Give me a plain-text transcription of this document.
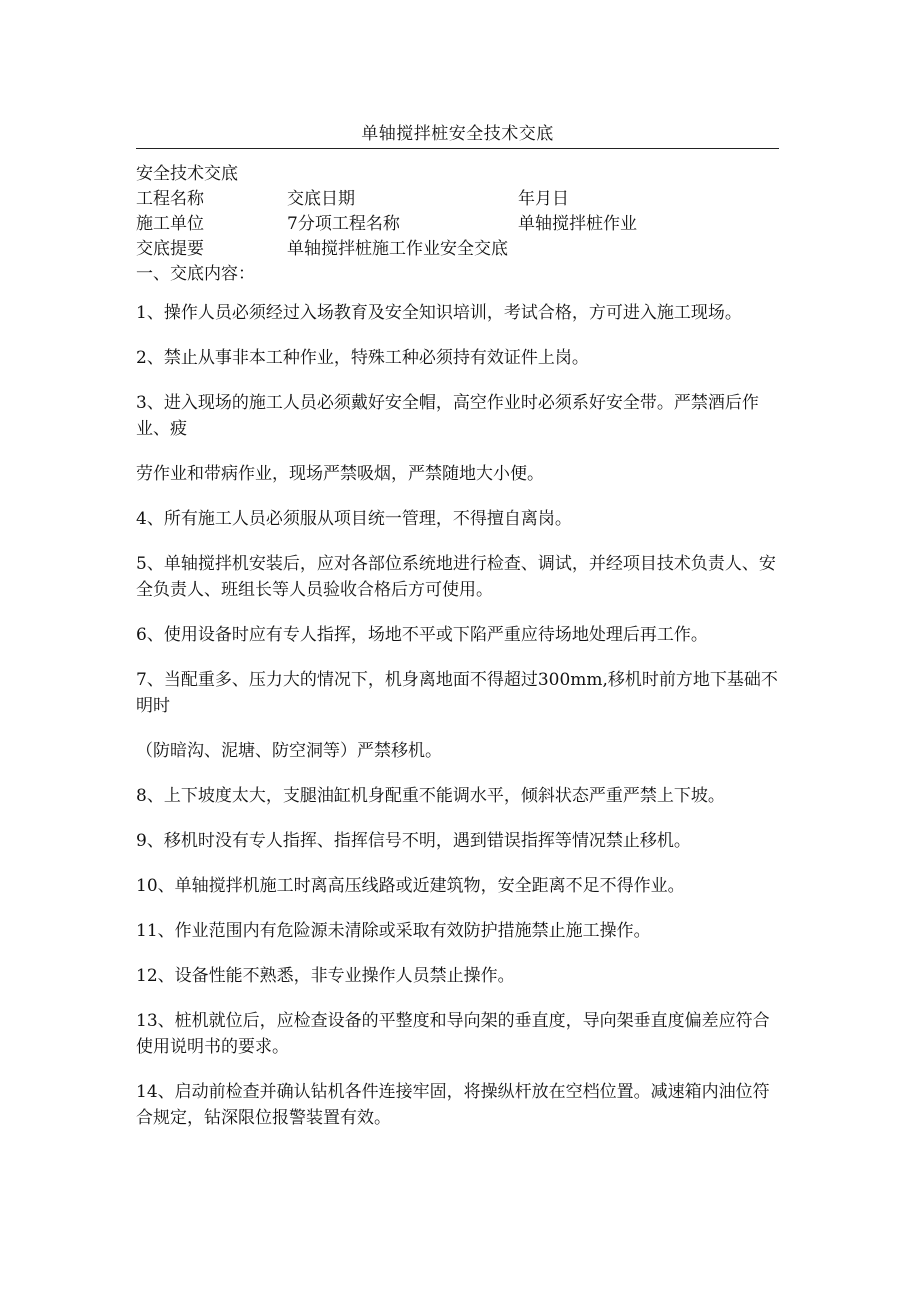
单轴搅拌桩安全技术交底
安全技术交底
工程名称	交底日期	年月日
施工单位	7分项工程名称	单轴搅拌桩作业
交底提要	单轴搅拌桩施工作业安全交底
一、交底内容：

1、操作人员必须经过入场教育及安全知识培训，考试合格，方可进入施工现场。

2、禁止从事非本工种作业，特殊工种必须持有效证件上岗。

3、进入现场的施工人员必须戴好安全帽，高空作业时必须系好安全带。严禁酒后作业、疲

劳作业和带病作业，现场严禁吸烟，严禁随地大小便。

4、所有施工人员必须服从项目统一管理，不得擅自离岗。

5、单轴搅拌机安装后，应对各部位系统地进行检查、调试，并经项目技术负责人、安全负责人、班组长等人员验收合格后方可使用。

6、使用设备时应有专人指挥，场地不平或下陷严重应待场地处理后再工作。

7、当配重多、压力大的情况下，机身离地面不得超过300mm,移机时前方地下基础不明时

（防暗沟、泥塘、防空洞等）严禁移机。

8、上下坡度太大，支腿油缸机身配重不能调水平，倾斜状态严重严禁上下坡。

9、移机时没有专人指挥、指挥信号不明，遇到错误指挥等情况禁止移机。

10、单轴搅拌机施工时离高压线路或近建筑物，安全距离不足不得作业。

11、作业范围内有危险源未清除或采取有效防护措施禁止施工操作。

12、设备性能不熟悉，非专业操作人员禁止操作。

13、桩机就位后，应检查设备的平整度和导向架的垂直度，导向架垂直度偏差应符合使用说明书的要求。

14、启动前检查并确认钻机各件连接牢固，将操纵杆放在空档位置。减速箱内油位符合规定，钻深限位报警装置有效。
